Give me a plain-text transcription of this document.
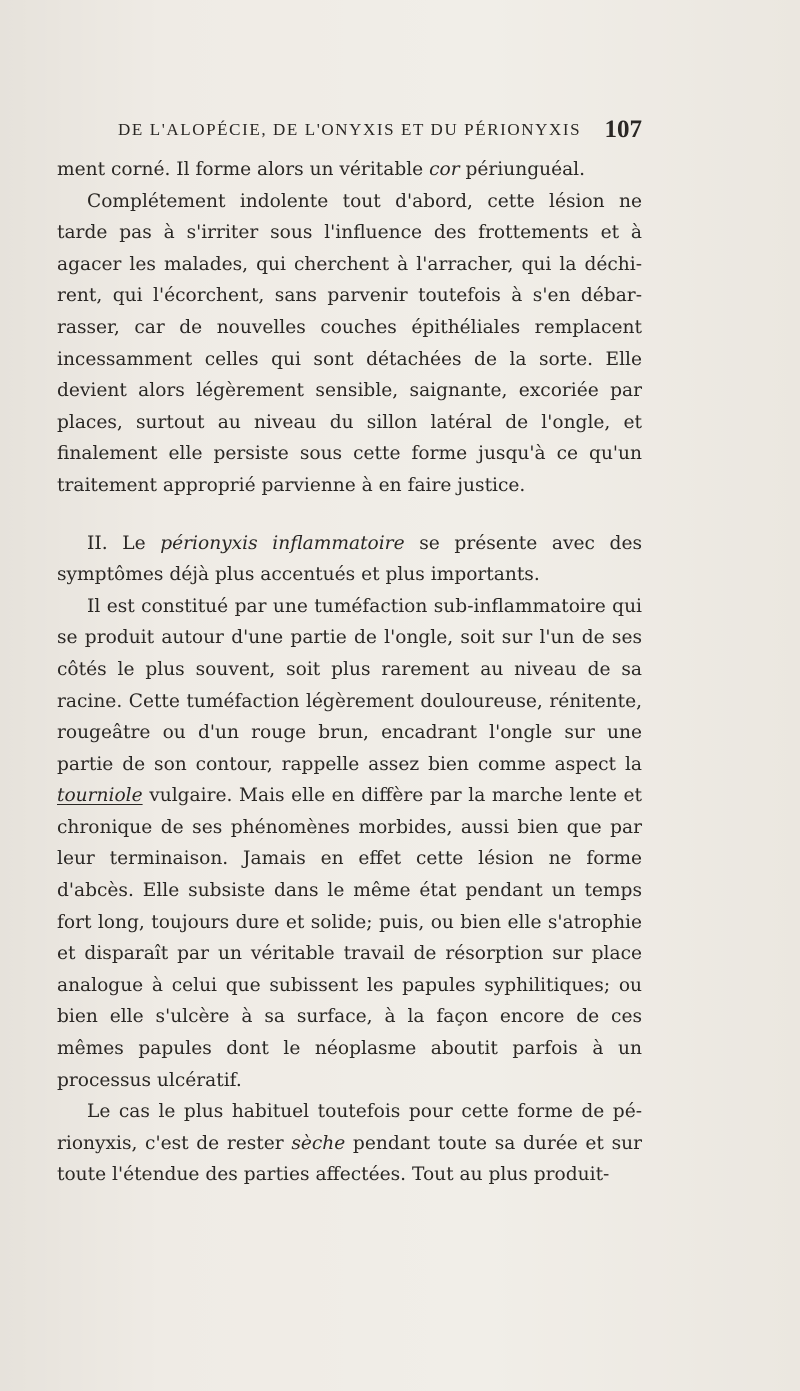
DE L'ALOPÉCIE, DE L'ONYXIS ET DU PÉRIONYXIS 107

ment corné. Il forme alors un véritable cor périunguéal.

Complétement indolente tout d'abord, cette lésion ne tarde pas à s'irriter sous l'influence des frottements et à agacer les malades, qui cherchent à l'arracher, qui la déchirent, qui l'écorchent, sans parvenir toutefois à s'en débarrasser, car de nouvelles couches épithéliales remplacent incessamment celles qui sont détachées de la sorte. Elle devient alors légèrement sensible, saignante, excoriée par places, surtout au niveau du sillon latéral de l'ongle, et finalement elle persiste sous cette forme jusqu'à ce qu'un traitement approprié parvienne à en faire justice.

II. Le périonyxis inflammatoire se présente avec des symptômes déjà plus accentués et plus importants.

Il est constitué par une tuméfaction sub-inflammatoire qui se produit autour d'une partie de l'ongle, soit sur l'un de ses côtés le plus souvent, soit plus rarement au niveau de sa racine. Cette tuméfaction légèrement douloureuse, rénitente, rougeâtre ou d'un rouge brun, encadrant l'ongle sur une partie de son contour, rappelle assez bien comme aspect la tourniole vulgaire. Mais elle en diffère par la marche lente et chronique de ses phénomènes morbides, aussi bien que par leur terminaison. Jamais en effet cette lésion ne forme d'abcès. Elle subsiste dans le même état pendant un temps fort long, toujours dure et solide; puis, ou bien elle s'atrophie et disparaît par un véritable travail de résorption sur place analogue à celui que subissent les papules syphilitiques; ou bien elle s'ulcère à sa surface, à la façon encore de ces mêmes papules dont le néoplasme aboutit parfois à un processus ulcératif.

Le cas le plus habituel toutefois pour cette forme de périonyxis, c'est de rester sèche pendant toute sa durée et sur toute l'étendue des parties affectées. Tout au plus produit-
